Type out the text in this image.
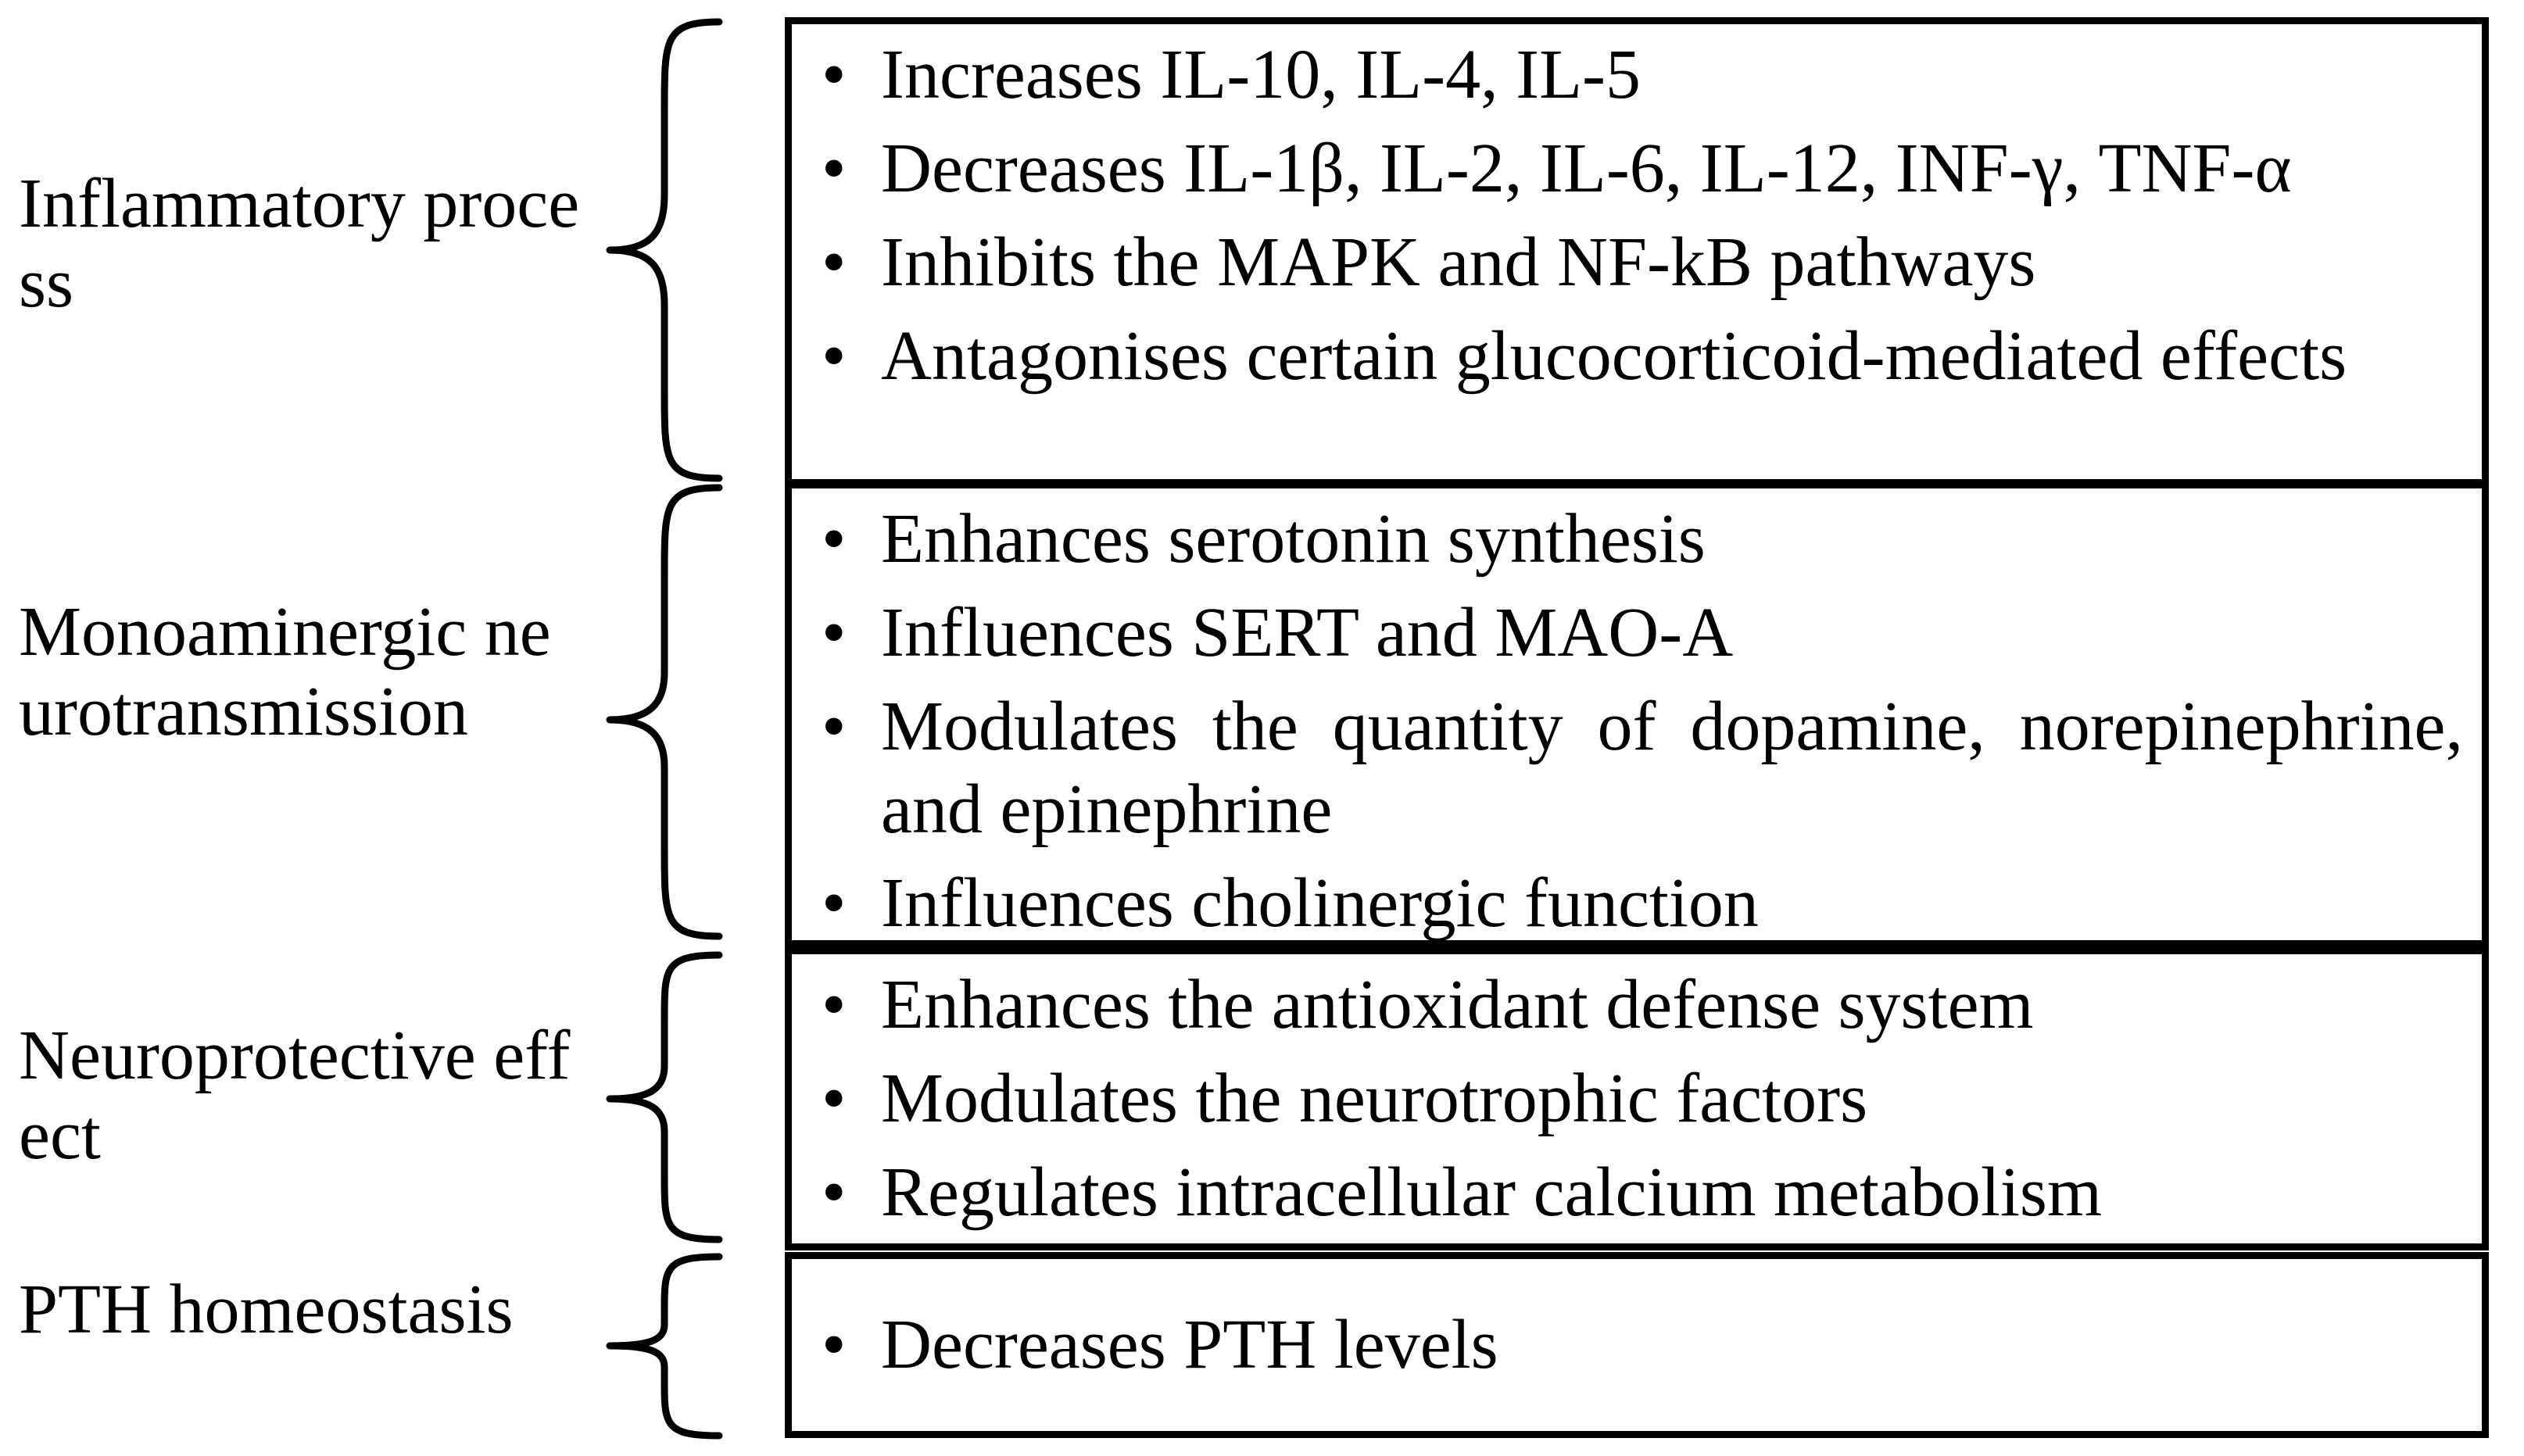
Inflammatory process
• Increases IL-10, IL-4, IL-5
• Decreases IL-1β, IL-2, IL-6, IL-12, INF-γ, TNF-α
• Inhibits the MAPK and NF-kB pathways
• Antagonises certain glucocorticoid-mediated effects
Monoaminergic neurotransmission
• Enhances serotonin synthesis
• Influences SERT and MAO-A
• Modulates the quantity of dopamine, norepinephrine, and epinephrine
• Influences cholinergic function
Neuroprotective effect
• Enhances the antioxidant defense system
• Modulates the neurotrophic factors
• Regulates intracellular calcium metabolism
PTH homeostasis	• Decreases PTH levels
